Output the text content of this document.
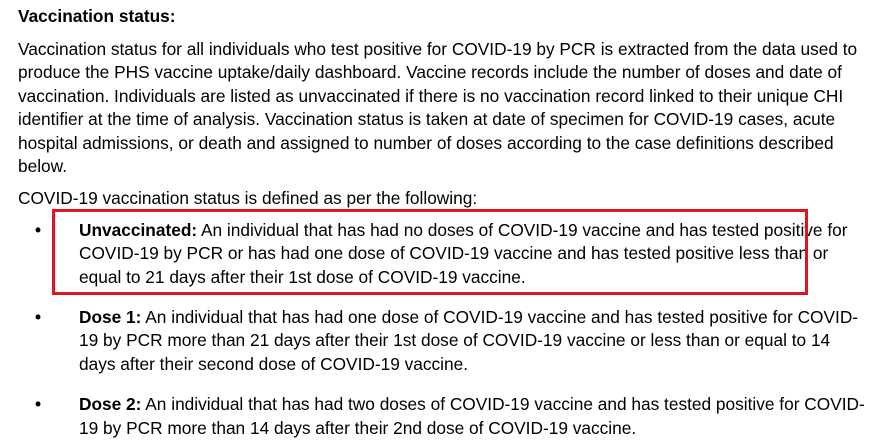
Vaccination status:

Vaccination status for all individuals who test positive for COVID-19 by PCR is extracted from the data used to produce the PHS vaccine uptake/daily dashboard. Vaccine records include the number of doses and date of vaccination. Individuals are listed as unvaccinated if there is no vaccination record linked to their unique CHI identifier at the time of analysis. Vaccination status is taken at date of specimen for COVID-19 cases, acute hospital admissions, or death and assigned to number of doses according to the case definitions described below.

COVID-19 vaccination status is defined as per the following:

• Unvaccinated: An individual that has had no doses of COVID-19 vaccine and has tested positive for COVID-19 by PCR or has had one dose of COVID-19 vaccine and has tested positive less than or equal to 21 days after their 1st dose of COVID-19 vaccine.
• Dose 1: An individual that has had one dose of COVID-19 vaccine and has tested positive for COVID-19 by PCR more than 21 days after their 1st dose of COVID-19 vaccine or less than or equal to 14 days after their second dose of COVID-19 vaccine.
• Dose 2: An individual that has had two doses of COVID-19 vaccine and has tested positive for COVID-19 by PCR more than 14 days after their 2nd dose of COVID-19 vaccine.
